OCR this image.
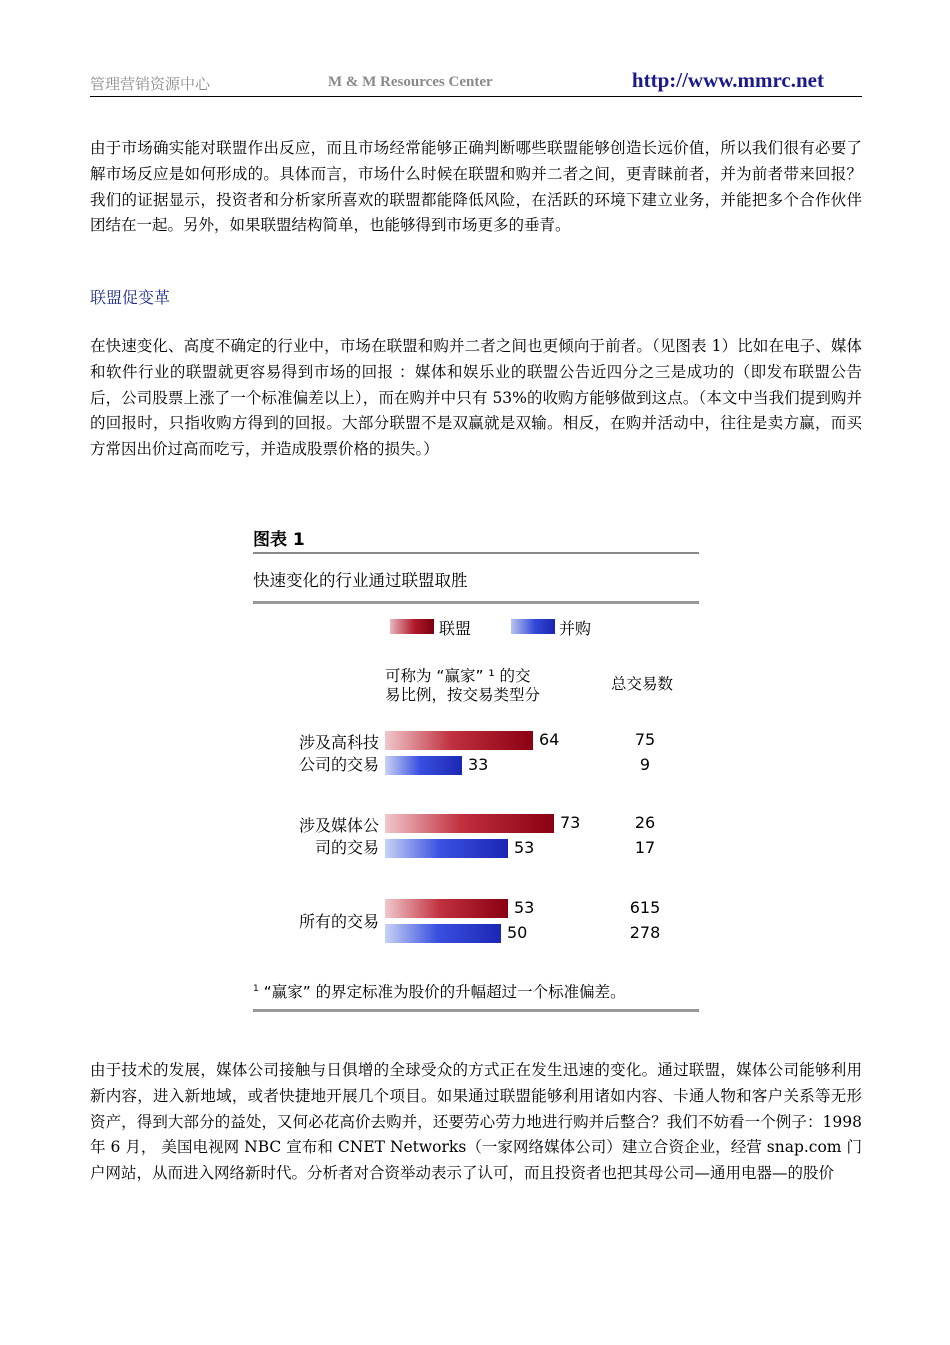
管理营销资源中心	M & M Resources Center	http://www.mmrc.net

由于市场确实能对联盟作出反应，而且市场经常能够正确判断哪些联盟能够创造长远价值，所以我们很有必要了解市场反应是如何形成的。具体而言，市场什么时候在联盟和购并二者之间，更青睐前者，并为前者带来回报？我们的证据显示，投资者和分析家所喜欢的联盟都能降低风险，在活跃的环境下建立业务，并能把多个合作伙伴团结在一起。另外，如果联盟结构简单，也能够得到市场更多的垂青。

联盟促变革

在快速变化、高度不确定的行业中，市场在联盟和购并二者之间也更倾向于前者。（见图表 1）比如在电子、媒体和软件行业的联盟就更容易得到市场的回报 ：媒体和娱乐业的联盟公告近四分之三是成功的（即发布联盟公告后，公司股票上涨了一个标准偏差以上），而在购并中只有 53%的收购方能够做到这点。（本文中当我们提到购并的回报时，只指收购方得到的回报。大部分联盟不是双赢就是双输。相反，在购并活动中，往往是卖方赢，而买方常因出价过高而吃亏，并造成股票价格的损失。）

图表 1
快速变化的行业通过联盟取胜
联盟	并购
可称为 “赢家” ¹ 的交
易比例，按交易类型分
总交易数
$^1$ “赢家” 的界定标准为股价的升幅超过一个标准偏差。
涉及高科技
公司的交易
64	75
33	9
涉及媒体公
司的交易
73	26
53	17
所有的交易
53	615
50	278

由于技术的发展，媒体公司接触与日俱增的全球受众的方式正在发生迅速的变化。通过联盟，媒体公司能够利用新内容，进入新地域，或者快捷地开展几个项目。如果通过联盟能够利用诸如内容、卡通人物和客户关系等无形资产，得到大部分的益处，又何必花高价去购并，还要劳心劳力地进行购并后整合？我们不妨看一个例子：1998 年 6 月， 美国电视网 NBC 宣布和 CNET Networks（一家网络媒体公司）建立合资企业，经营 snap.com 门户网站，从而进入网络新时代。分析者对合资举动表示了认可，而且投资者也把其母公司—通用电器—的股价
